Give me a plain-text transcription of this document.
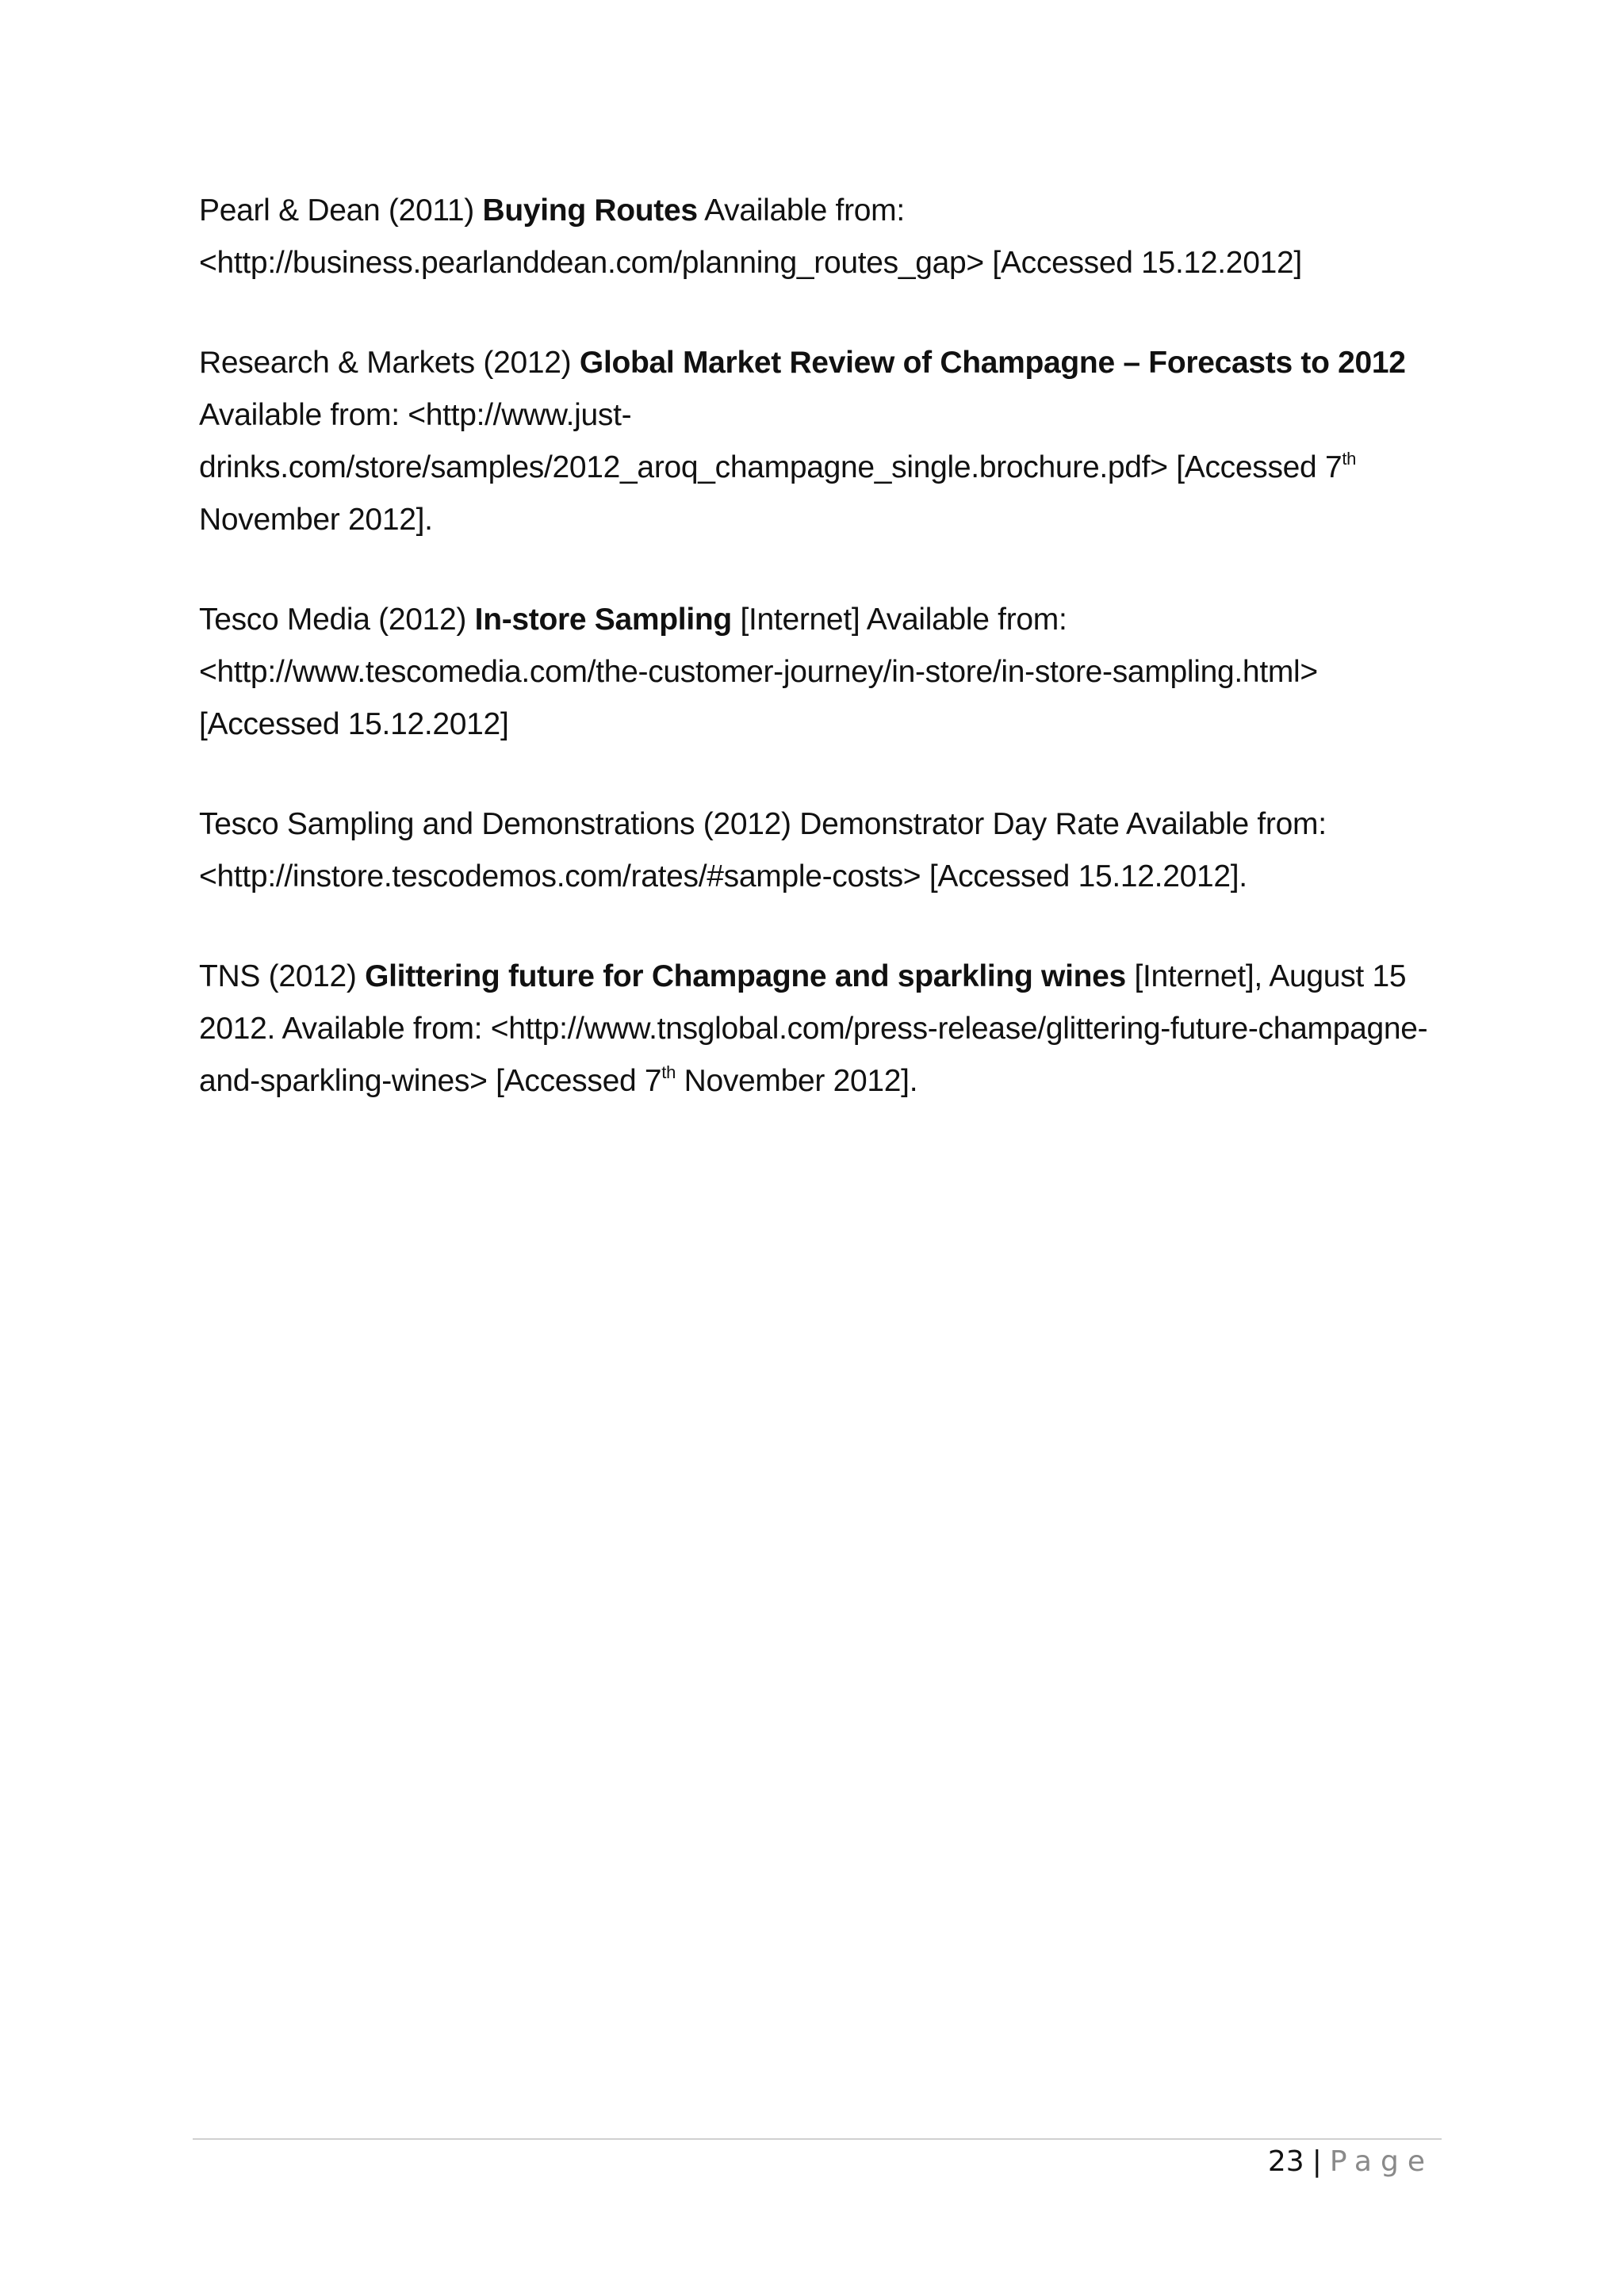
Pearl & Dean (2011) Buying Routes Available from:
<http://business.pearlanddean.com/planning_routes_gap> [Accessed 15.12.2012]

Research & Markets (2012) Global Market Review of Champagne – Forecasts to 2012
Available from: <http://www.just-
drinks.com/store/samples/2012_aroq_champagne_single.brochure.pdf> [Accessed 7th
November 2012].

Tesco Media (2012) In-store Sampling [Internet] Available from:
<http://www.tescomedia.com/the-customer-journey/in-store/in-store-sampling.html>
[Accessed 15.12.2012]

Tesco Sampling and Demonstrations (2012) Demonstrator Day Rate Available from:
<http://instore.tescodemos.com/rates/#sample-costs> [Accessed 15.12.2012].

TNS (2012) Glittering future for Champagne and sparkling wines [Internet], August 15
2012. Available from: <http://www.tnsglobal.com/press-release/glittering-future-champagne-
and-sparkling-wines> [Accessed 7th November 2012].

23 | Page
